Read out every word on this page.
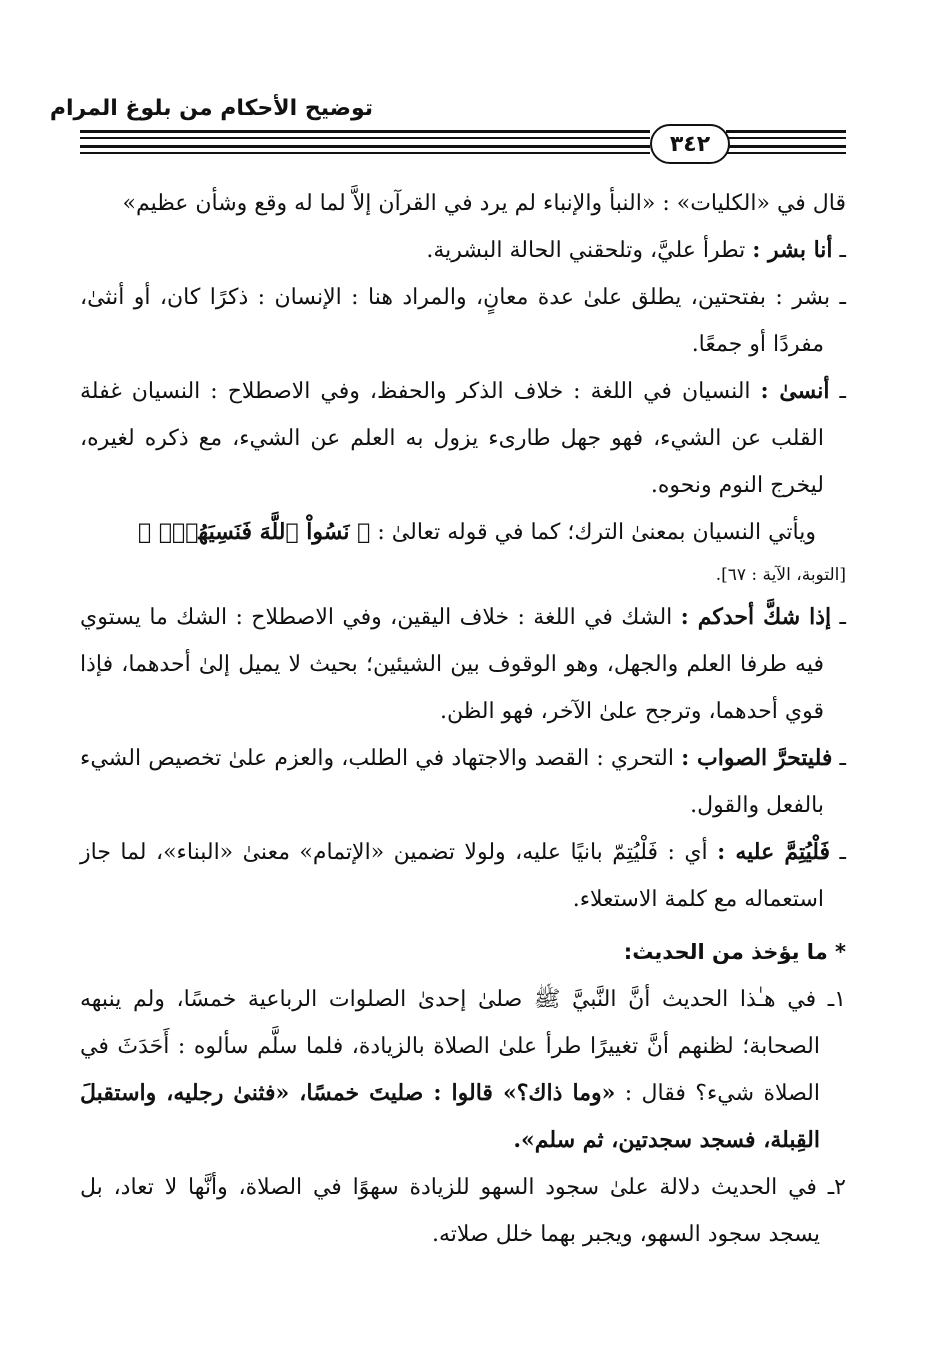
توضيح الأحكام من بلوغ المرام
٣٤٢

قال في «الكليات» : «النبأ والإنباء لم يرد في القرآن إلاَّ لما له وقع وشأن عظيم»

ـ أنا بشر : تطرأ عليَّ، وتلحقني الحالة البشرية.

ـ بشر : بفتحتين، يطلق علىٰ عدة معانٍ، والمراد هنا : الإنسان : ذكرًا كان، أو أنثىٰ، مفردًا أو جمعًا.

ـ أنسىٰ : النسيان في اللغة : خلاف الذكر والحفظ، وفي الاصطلاح : النسيان غفلة القلب عن الشيء، فهو جهل طارىء يزول به العلم عن الشيء، مع ذكره لغيره، ليخرج النوم ونحوه.

ويأتي النسيان بمعنىٰ الترك؛ كما في قوله تعالىٰ : ﴿ نَسُواْ ٱللَّهَ فَنَسِيَهُمْۚ ﴾

[التوبة، الآية : ٦٧].

ـ إذا شكَّ أحدكم : الشك في اللغة : خلاف اليقين، وفي الاصطلاح : الشك ما يستوي فيه طرفا العلم والجهل، وهو الوقوف بين الشيئين؛ بحيث لا يميل إلىٰ أحدهما، فإذا قوي أحدهما، وترجح علىٰ الآخر، فهو الظن.

ـ فليتحرَّ الصواب : التحري : القصد والاجتهاد في الطلب، والعزم علىٰ تخصيص الشيء بالفعل والقول.

ـ فَلْيُتِمَّ عليه : أي : فَلْيُتِمّ بانيًا عليه، ولولا تضمين «الإتمام» معنىٰ «البناء»، لما جاز استعماله مع كلمة الاستعلاء.

* ما يؤخذ من الحديث:

١ـ في هـٰذا الحديث أنَّ النَّبيَّ ﷺ صلىٰ إحدىٰ الصلوات الرباعية خمسًا، ولم ينبهه الصحابة؛ لظنهم أنَّ تغييرًا طرأ علىٰ الصلاة بالزيادة، فلما سلَّم سألوه : أَحَدَثَ في الصلاة شيء؟ فقال : «وما ذاك؟» قالوا : صليتَ خمسًا، «فثنىٰ رجليه، واستقبلَ القِبلة، فسجد سجدتين، ثم سلم».

٢ـ في الحديث دلالة علىٰ سجود السهو للزيادة سهوًا في الصلاة، وأنَّها لا تعاد، بل يسجد سجود السهو، ويجبر بهما خلل صلاته.
